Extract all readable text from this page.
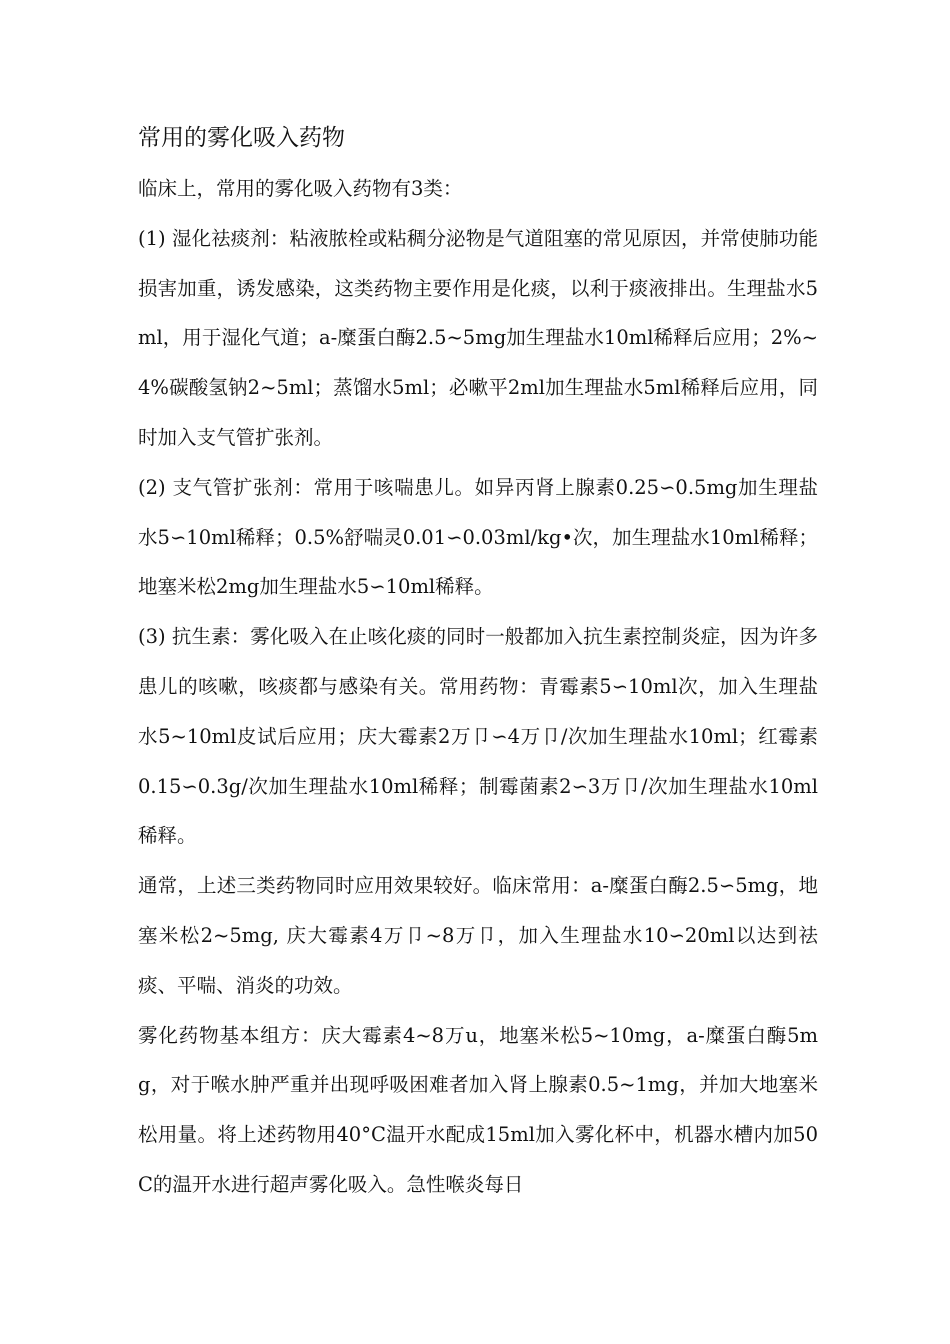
常用的雾化吸入药物

临床上，常用的雾化吸入药物有3类：

(1) 湿化祛痰剂：粘液脓栓或粘稠分泌物是气道阻塞的常见原因，并常使肺功能损害加重，诱发感染，这类药物主要作用是化痰，以利于痰液排出。生理盐水5ml，用于湿化气道；a-糜蛋白酶2.5~5mg加生理盐水10ml稀释后应用；2%~4%碳酸氢钠2~5ml；蒸馏水5ml；必嗽平2ml加生理盐水5ml稀释后应用，同时加入支气管扩张剂。

(2) 支气管扩张剂：常用于咳喘患儿。如异丙肾上腺素0.25∽0.5mg加生理盐水5∽10ml稀释；0.5%舒喘灵0.01∽0.03ml/kg•次，加生理盐水10ml稀释；地塞米松2mg加生理盐水5∽10ml稀释。

(3) 抗生素：雾化吸入在止咳化痰的同时一般都加入抗生素控制炎症，因为许多患儿的咳嗽，咳痰都与感染有关。常用药物：青霉素5∽10ml次，加入生理盐水5~10ml皮试后应用；庆大霉素2万卩∽4万卩/次加生理盐水10ml；红霉素0.15∽0.3g/次加生理盐水10ml稀释；制霉菌素2∽3万卩/次加生理盐水10ml稀释。

通常，上述三类药物同时应用效果较好。临床常用：a-糜蛋白酶2.5∽5mg，地塞米松2~5mg, 庆大霉素4万卩~8万卩，加入生理盐水10∽20ml以达到祛痰、平喘、消炎的功效。

雾化药物基本组方：庆大霉素4~8万u，地塞米松5~10mg，a-糜蛋白酶5mg，对于喉水肿严重并出现呼吸困难者加入肾上腺素0.5~1mg，并加大地塞米松用量。将上述药物用40°C温开水配成15ml加入雾化杯中，机器水槽内加50C的温开水进行超声雾化吸入。急性喉炎每日
